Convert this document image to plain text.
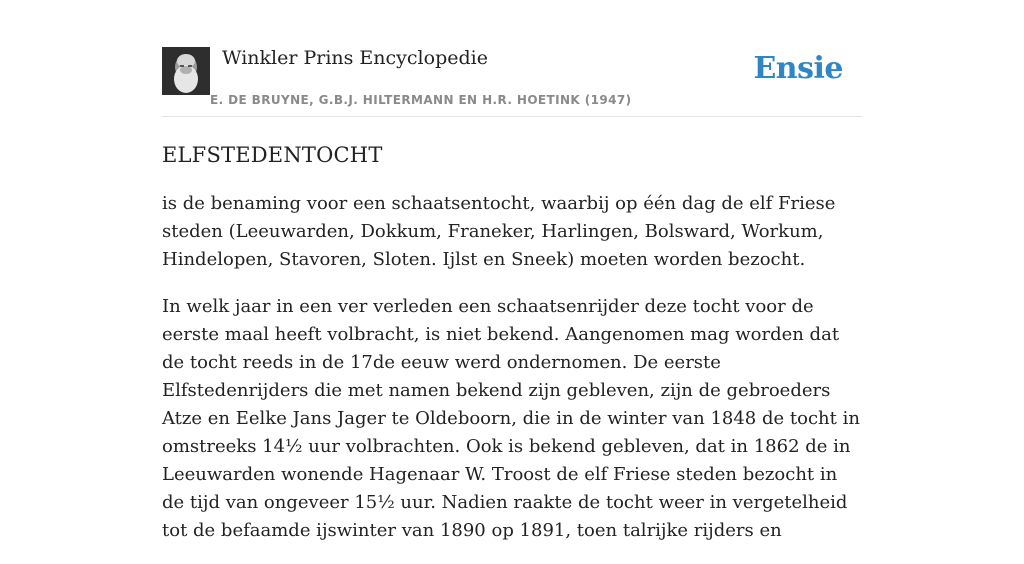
Winkler Prins Encyclopedie
E. DE BRUYNE, G.B.J. HILTERMANN EN H.R. HOETINK (1947)
Ensie
ELFSTEDENTOCHT

is de benaming voor een schaatsentocht, waarbij op één dag de elf Friese steden (Leeuwarden, Dokkum, Franeker, Harlingen, Bolsward, Workum, Hindelopen, Stavoren, Sloten. Ijlst en Sneek) moeten worden bezocht.

In welk jaar in een ver verleden een schaatsenrijder deze tocht voor de eerste maal heeft volbracht, is niet bekend. Aangenomen mag worden dat de tocht reeds in de 17de eeuw werd ondernomen. De eerste Elfstedenrijders die met namen bekend zijn gebleven, zijn de gebroeders Atze en Eelke Jans Jager te Oldeboorn, die in de winter van 1848 de tocht in omstreeks 14½ uur volbrachten. Ook is bekend gebleven, dat in 1862 de in Leeuwarden wonende Hagenaar W. Troost de elf Friese steden bezocht in de tijd van ongeveer 15½ uur. Nadien raakte de tocht weer in vergetelheid tot de befaamde ijswinter van 1890 op 1891, toen talrijke rijders en
